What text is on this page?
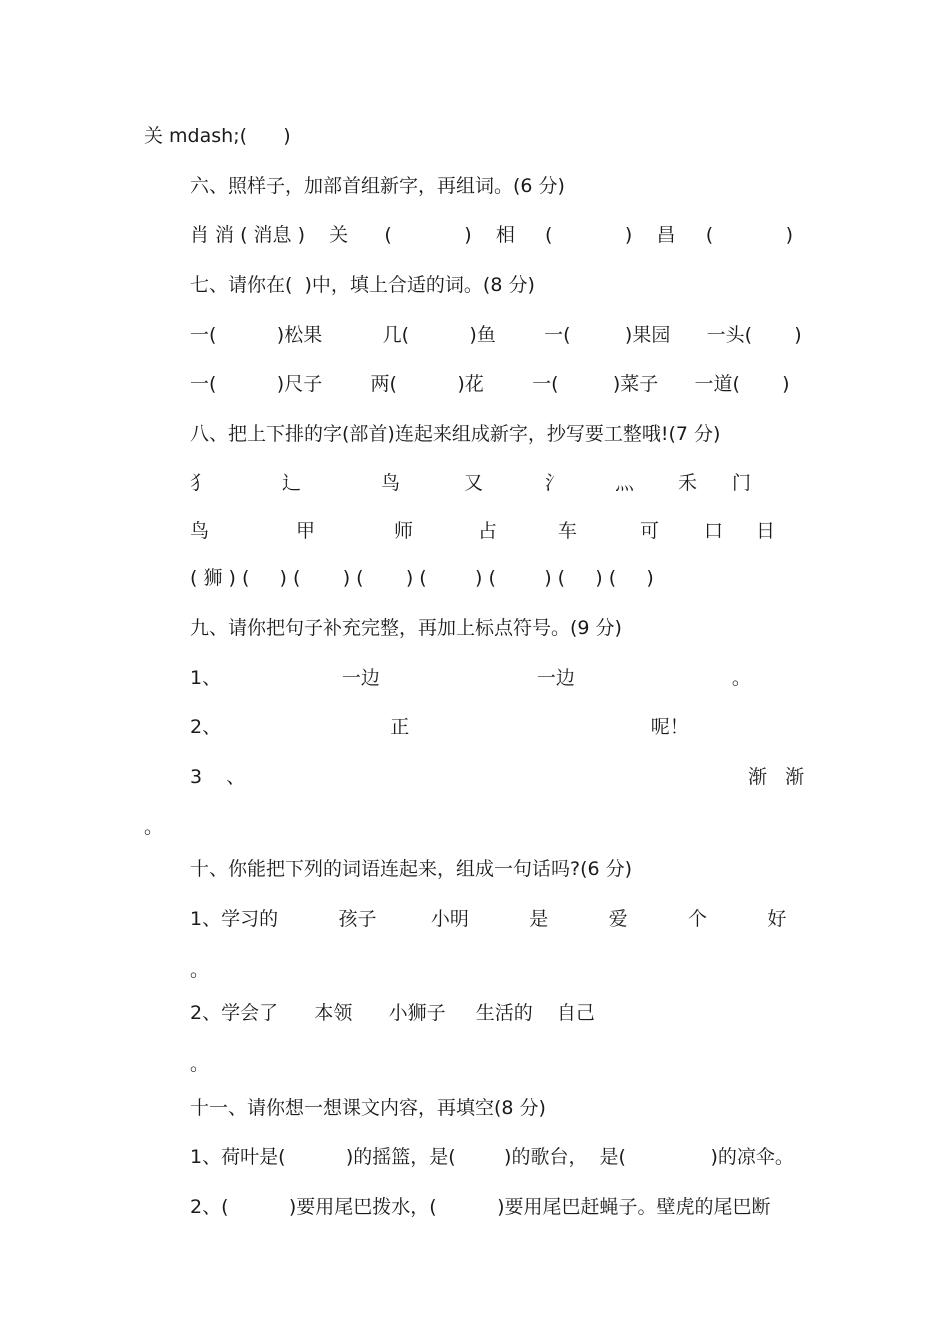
关 mdash;(      )
六、照样子，加部首组新字，再组词。(6 分)
肖 消 ( 消息 )    关      (            )    相     (            )    昌     (            )
七、请你在(  )中，填上合适的词。(8 分)
一(          )松果          几(          )鱼        一(         )果园      一头(       )
一(          )尺子        两(          )花        一(         )菜子      一道(       )
八、把上下排的字(部首)连起来组成新字，抄写要工整哦!(7 分)
犭	辶	鸟	又	氵	灬 禾 门
鸟	甲	师	占	车	可 口 日
( 狮 ) (     ) (       ) (       ) (        ) (        ) (     ) (     )
九、请你把句子补充完整，再加上标点符号。(9 分)
1、                    一边                          一边                          。
2、                            正                                        呢！
3    、	渐   渐
。
十、你能把下列的词语连起来，组成一句话吗?(6 分)
1、学习的          孩子         小明          是          爱          个          好
。
2、学会了      本领      小狮子     生活的    自己
。
十一、请你想一想课文内容，再填空(8 分)
1、荷叶是(          )的摇篮，是(        )的歌台，  是(              )的凉伞。
2、(          )要用尾巴拨水，(          )要用尾巴赶蝇子。壁虎的尾巴断
